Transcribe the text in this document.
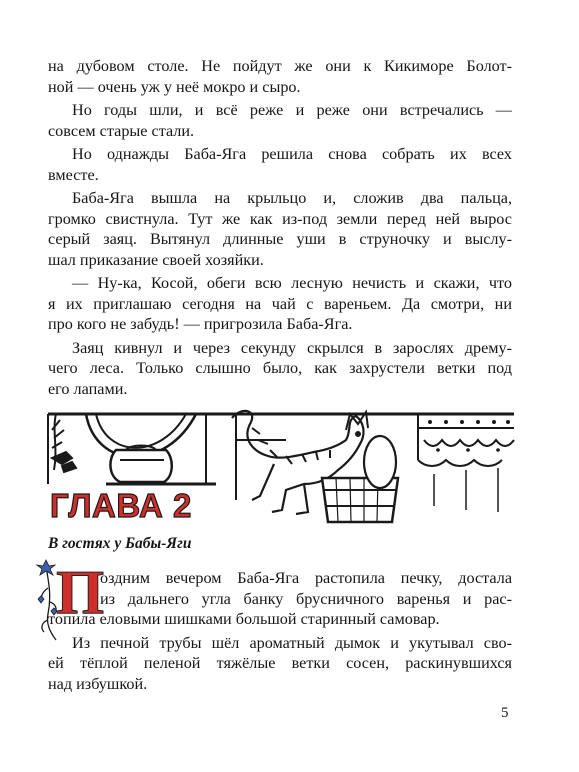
на дубовом столе. Не пойдут же они к Кикиморе Болот-
ной — очень уж у неё мокро и сыро.
Но годы шли, и всё реже и реже они встречались —
совсем старые стали.
Но однажды Баба-Яга решила снова собрать их всех
вместе.
Баба-Яга вышла на крыльцо и, сложив два пальца,
громко свистнула. Тут же как из-под земли перед ней вырос
серый заяц. Вытянул длинные уши в струночку и выслу-
шал приказание своей хозяйки.
— Ну-ка, Косой, обеги всю лесную нечисть и скажи, что
я их приглашаю сегодня на чай с вареньем. Да смотри, ни
про кого не забудь! — пригрозила Баба-Яга.
Заяц кивнул и через секунду скрылся в зарослях дрему-
чего леса. Только слышно было, как захрустели ветки под
его лапами.
ГЛАВА 2
В гостях у Бабы-Яги
П
оздним вечером Баба-Яга растопила печку, достала
из дальнего угла банку брусничного варенья и рас-
топила еловыми шишками большой старинный самовар.
Из печной трубы шёл ароматный дымок и укутывал сво-
ей тёплой пеленой тяжёлые ветки сосен, раскинувшихся
над избушкой.
5
